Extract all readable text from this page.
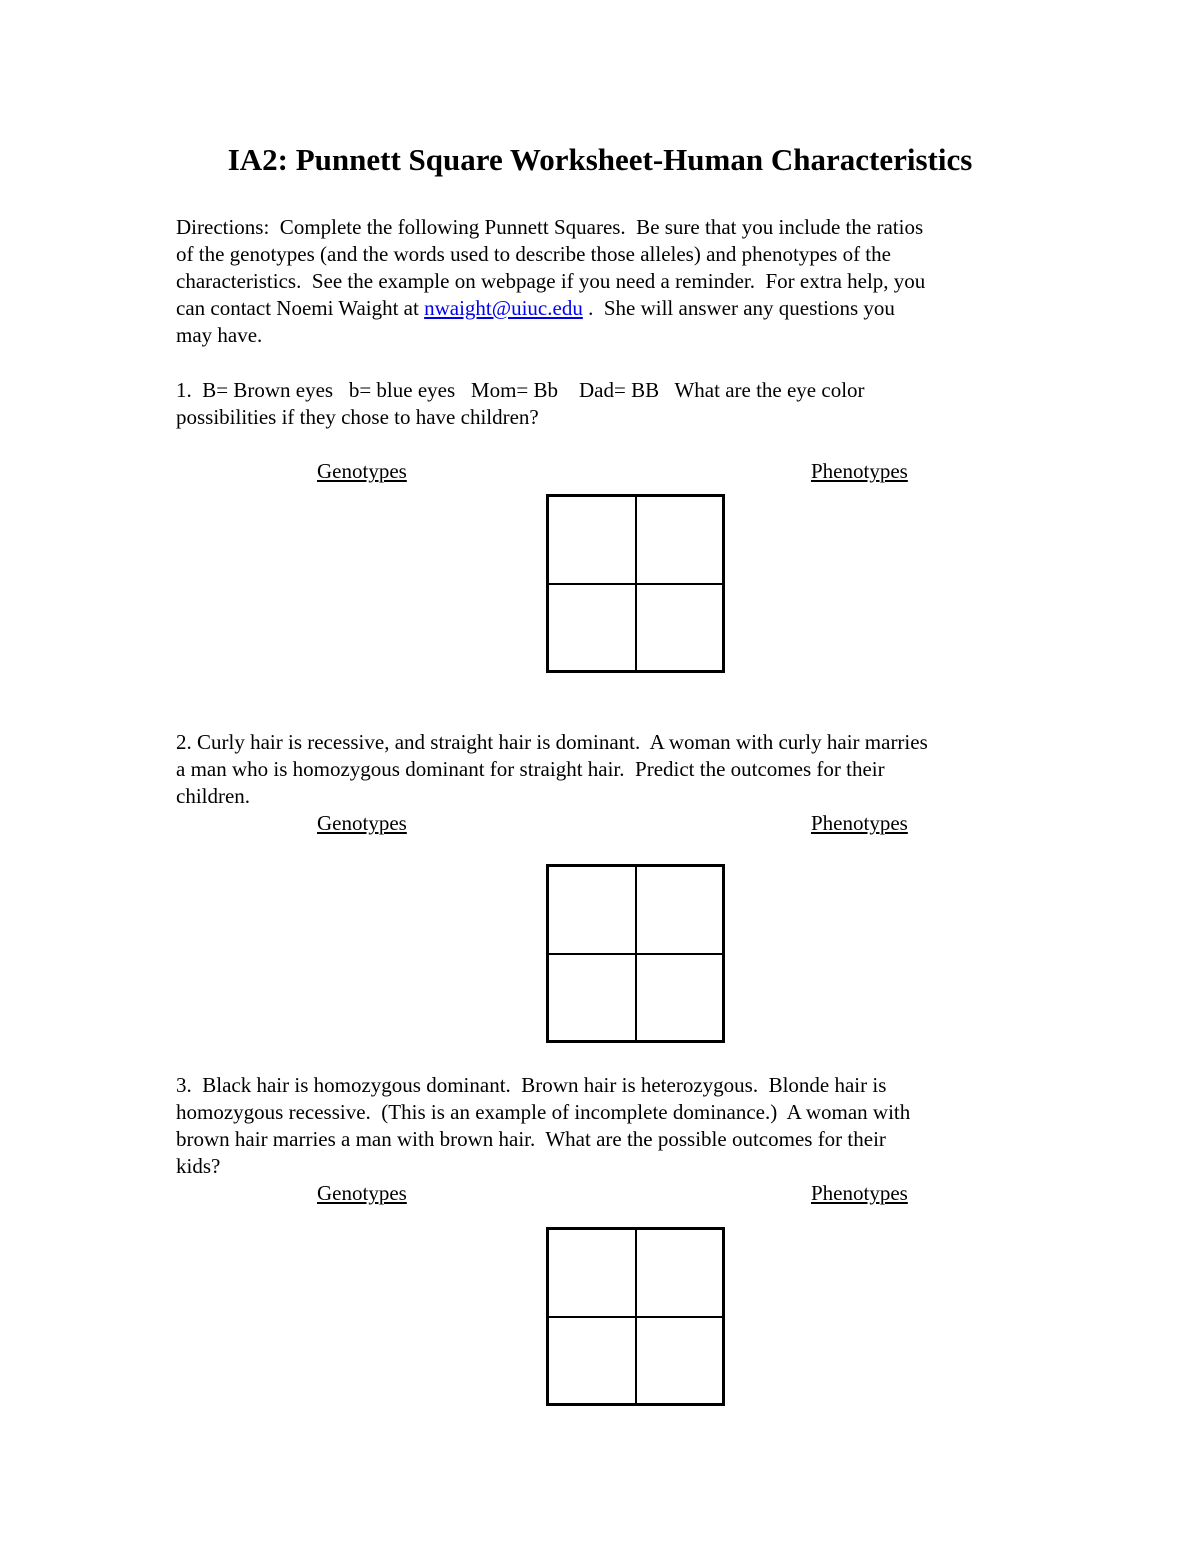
IA2: Punnett Square Worksheet-Human Characteristics
Directions:  Complete the following Punnett Squares.  Be sure that you include the ratios
of the genotypes (and the words used to describe those alleles) and phenotypes of the
characteristics.  See the example on webpage if you need a reminder.  For extra help, you
can contact Noemi Waight at nwaight@uiuc.edu .  She will answer any questions you
may have.
1.  B= Brown eyes   b= blue eyes   Mom= Bb    Dad= BB   What are the eye color
possibilities if they chose to have children?
Genotypes	Phenotypes
2. Curly hair is recessive, and straight hair is dominant.  A woman with curly hair marries
a man who is homozygous dominant for straight hair.  Predict the outcomes for their
children.
Genotypes	Phenotypes
3.  Black hair is homozygous dominant.  Brown hair is heterozygous.  Blonde hair is
homozygous recessive.  (This is an example of incomplete dominance.)  A woman with
brown hair marries a man with brown hair.  What are the possible outcomes for their
kids?
Genotypes	Phenotypes
